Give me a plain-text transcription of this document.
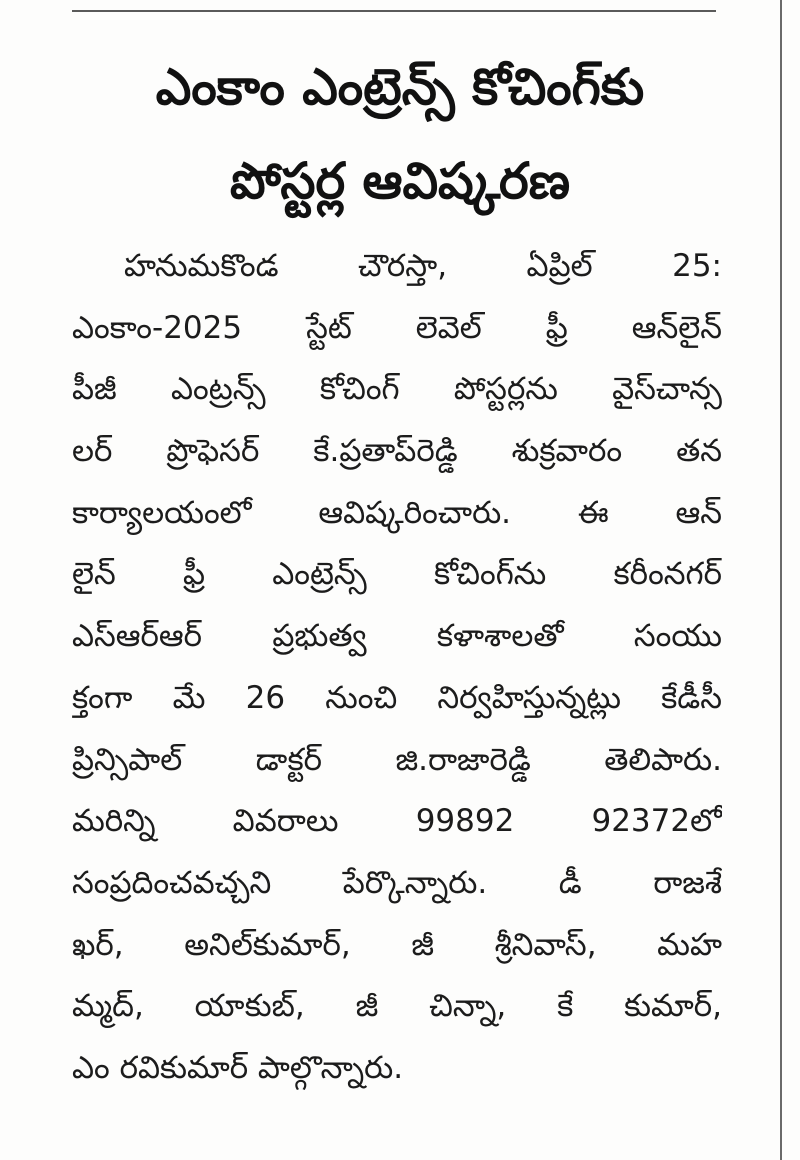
ఎంకాం ఎంట్రెన్స్ కోచింగ్‌కు
పోస్టర్ల ఆవిష్కరణ
హనుమకొండ చౌరస్తా, ఏప్రిల్ 25:
ఎంకాం-2025 స్టేట్ లెవెల్ ఫ్రీ ఆన్‌లైన్
పీజీ ఎంట్రన్స్ కోచింగ్ పోస్టర్లను వైస్‌చాన్స
లర్ ప్రొఫెసర్ కే.ప్రతాప్‌రెడ్డి శుక్రవారం తన
కార్యాలయంలో ఆవిష్కరించారు. ఈ ఆన్
లైన్ ఫ్రీ ఎంట్రెన్స్ కోచింగ్‌ను కరీంనగర్
ఎస్‌ఆర్‌ఆర్ ప్రభుత్వ కళాశాలతో సంయు
క్తంగా మే 26 నుంచి నిర్వహిస్తున్నట్లు కేడీసీ
ప్రిన్సిపాల్ డాక్టర్ జి.రాజారెడ్డి తెలిపారు.
మరిన్ని వివరాలు 99892 92372లో
సంప్రదించవచ్చని పేర్కొన్నారు. డీ రాజశే
ఖర్, అనిల్‌కుమార్, జీ శ్రీనివాస్, మహ
మ్మద్, యాకుబ్, జీ చిన్నా, కే కుమార్,
ఎం రవికుమార్ పాల్గొన్నారు.
